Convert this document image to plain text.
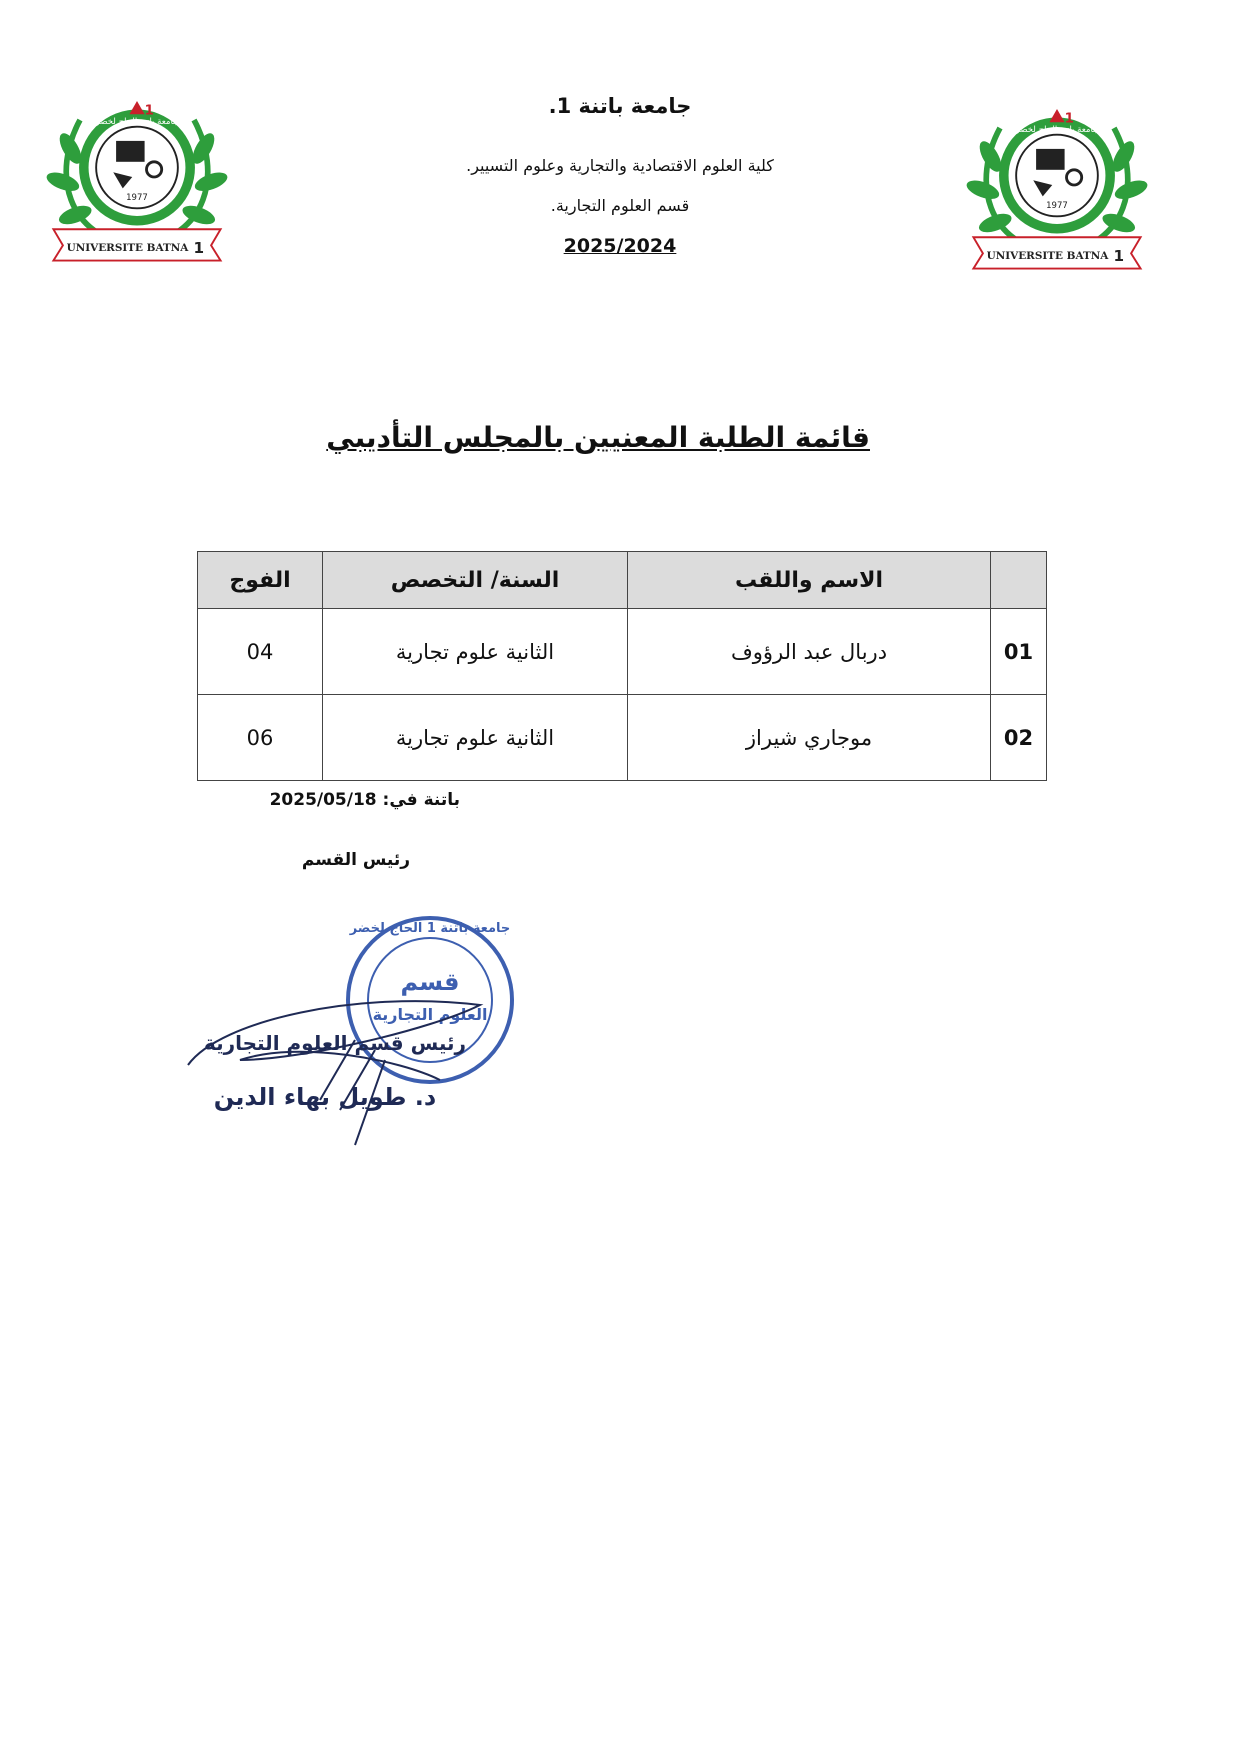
جامعة باتنة الحاج لخضر
1977
1
UNIVERSITE BATNA 1
جامعة باتنة الحاج لخضر
1977
1
UNIVERSITE BATNA 1
جامعة باتنة 1.
كلية العلوم الاقتصادية والتجارية وعلوم التسيير.
قسم العلوم التجارية.
2025/2024
قائمة الطلبة المعنيين بالمجلس التأديبي
	الاسم واللقب	السنة/ التخصص	الفوج
01	دربال عبد الرؤوف	الثانية علوم تجارية	04
02	موجاري شيراز	الثانية علوم تجارية	06
باتنة في: 2025/05/18
رئيس القسم
جامعة باتنة 1 الحاج لخضر
قسم
العلوم التجارية
رئيس قسم العلوم التجارية
د. طويل بهاء الدين
